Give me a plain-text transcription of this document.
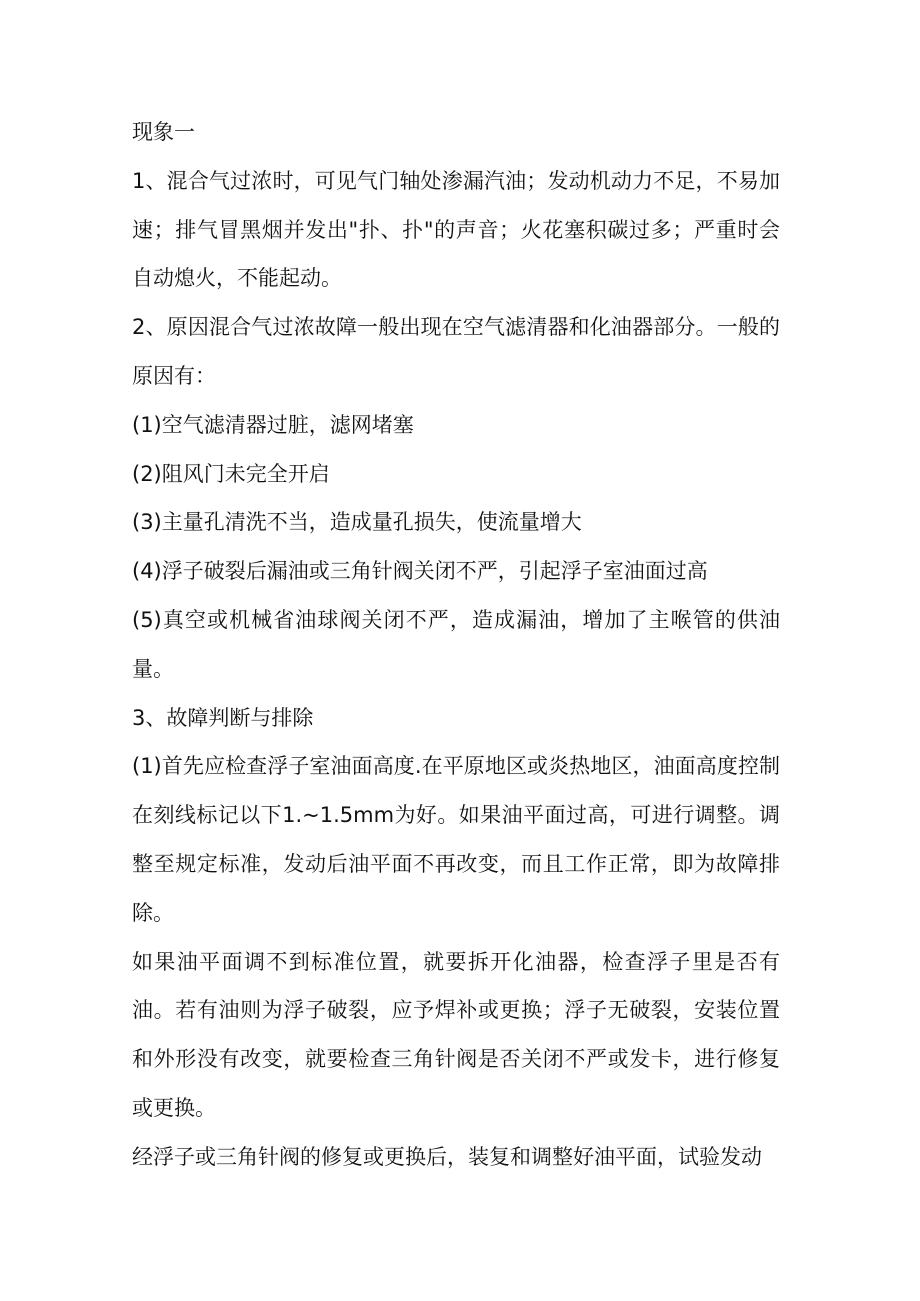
现象一

1、混合气过浓时，可见气门轴处渗漏汽油；发动机动力不足，不易加速；排气冒黑烟并发出"扑、扑"的声音；火花塞积碳过多；严重时会自动熄火，不能起动。

2、原因混合气过浓故障一般出现在空气滤清器和化油器部分。一般的原因有：

(1)空气滤清器过脏，滤网堵塞

(2)阻风门未完全开启

(3)主量孔清洗不当，造成量孔损失，使流量增大

(4)浮子破裂后漏油或三角针阀关闭不严，引起浮子室油面过高

(5)真空或机械省油球阀关闭不严，造成漏油，增加了主喉管的供油量。

3、故障判断与排除

(1)首先应检查浮子室油面高度.在平原地区或炎热地区，油面高度控制在刻线标记以下1.~1.5mm为好。如果油平面过高，可进行调整。调整至规定标准，发动后油平面不再改变，而且工作正常，即为故障排除。

如果油平面调不到标准位置，就要拆开化油器，检查浮子里是否有油。若有油则为浮子破裂，应予焊补或更换；浮子无破裂，安装位置和外形没有改变，就要检查三角针阀是否关闭不严或发卡，进行修复或更换。

经浮子或三角针阀的修复或更换后，装复和调整好油平面，试验发动
